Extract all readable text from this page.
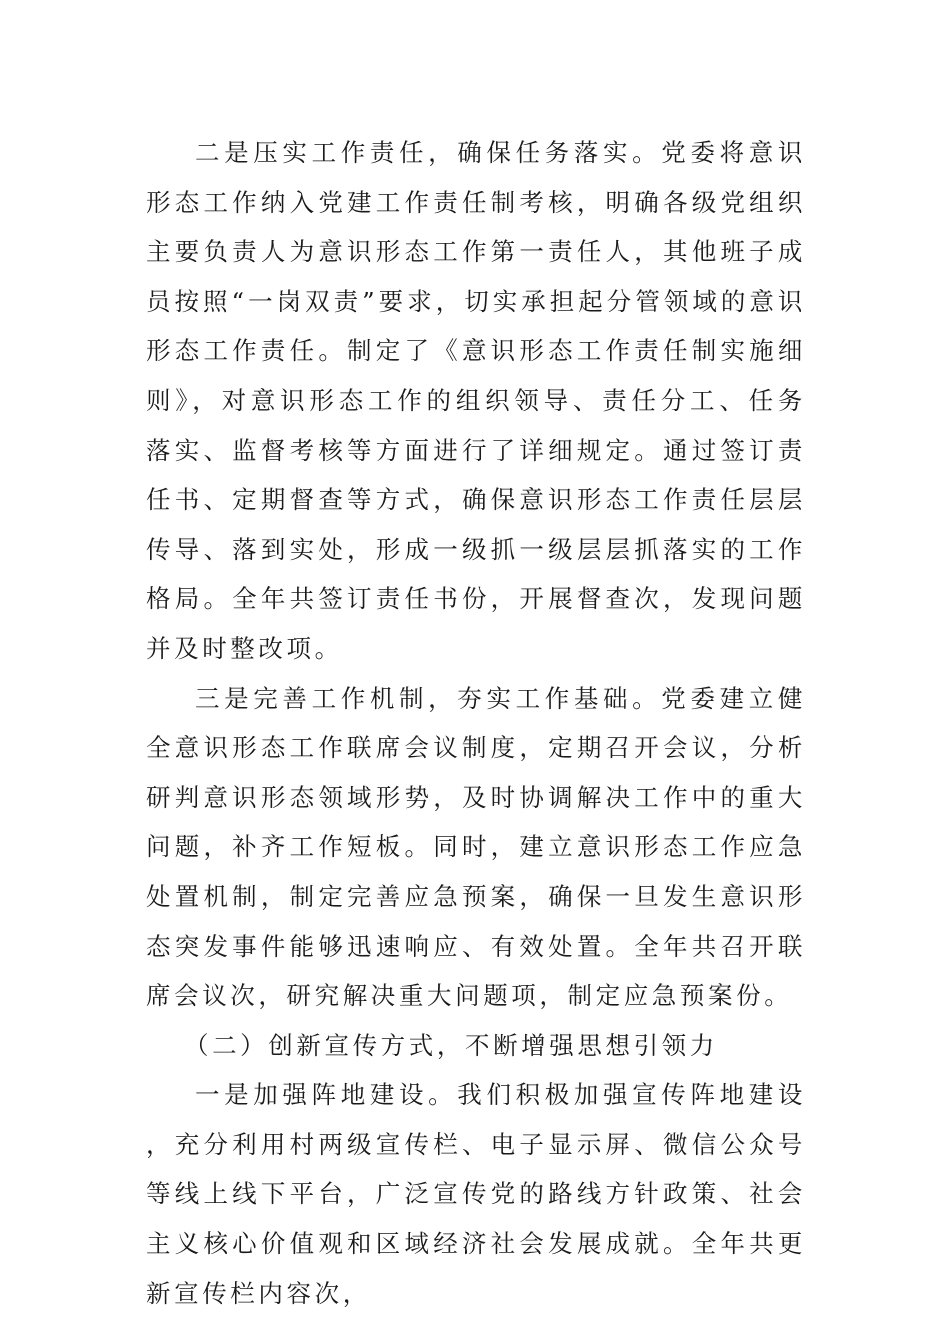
二是压实工作责任，确保任务落实。党委将意识形态工作纳入党建工作责任制考核，明确各级党组织主要负责人为意识形态工作第一责任人，其他班子成员按照“一岗双责”要求，切实承担起分管领域的意识形态工作责任。制定了《意识形态工作责任制实施细则》，对意识形态工作的组织领导、责任分工、任务落实、监督考核等方面进行了详细规定。通过签订责任书、定期督查等方式，确保意识形态工作责任层层传导、落到实处，形成一级抓一级层层抓落实的工作格局。全年共签订责任书份，开展督查次，发现问题并及时整改项。

三是完善工作机制，夯实工作基础。党委建立健全意识形态工作联席会议制度，定期召开会议，分析研判意识形态领域形势，及时协调解决工作中的重大问题，补齐工作短板。同时，建立意识形态工作应急处置机制，制定完善应急预案，确保一旦发生意识形态突发事件能够迅速响应、有效处置。全年共召开联席会议次，研究解决重大问题项，制定应急预案份。

（二）创新宣传方式，不断增强思想引领力

一是加强阵地建设。我们积极加强宣传阵地建设，充分利用村两级宣传栏、电子显示屏、微信公众号等线上线下平台，广泛宣传党的路线方针政策、社会主义核心价值观和区域经济社会发展成就。全年共更新宣传栏内容次，
